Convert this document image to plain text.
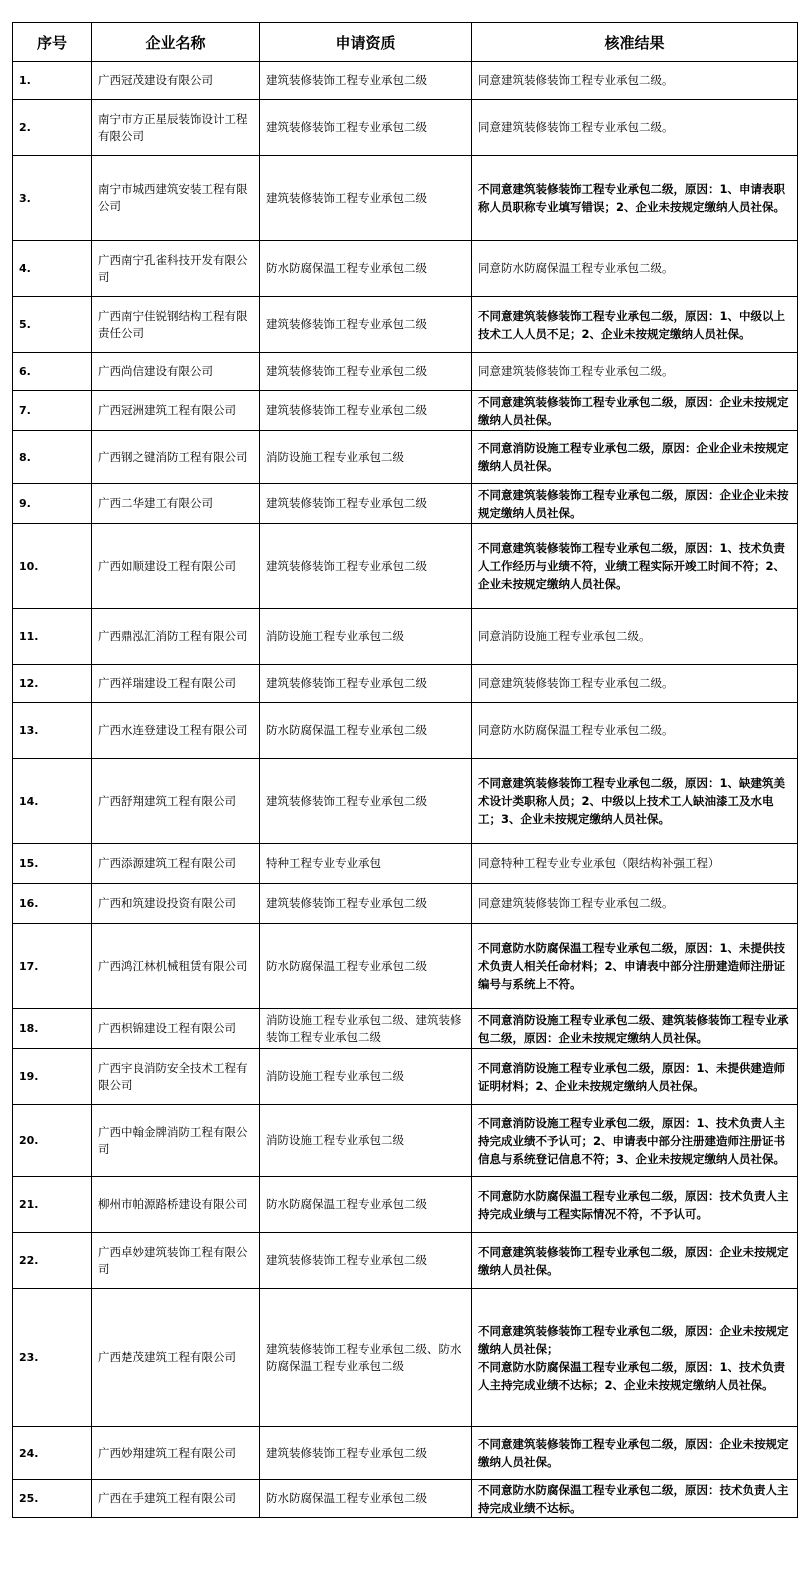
序号	企业名称	申请资质	核准结果
1.	广西冠茂建设有限公司	建筑装修装饰工程专业承包二级	同意建筑装修装饰工程专业承包二级。
2.	南宁市方正星辰装饰设计工程有限公司	建筑装修装饰工程专业承包二级	同意建筑装修装饰工程专业承包二级。
3.	南宁市城西建筑安装工程有限公司	建筑装修装饰工程专业承包二级	不同意建筑装修装饰工程专业承包二级，原因：1、申请表职称人员职称专业填写错误；2、企业未按规定缴纳人员社保。
4.	广西南宁孔雀科技开发有限公司	防水防腐保温工程专业承包二级	同意防水防腐保温工程专业承包二级。
5.	广西南宁佳锐钢结构工程有限责任公司	建筑装修装饰工程专业承包二级	不同意建筑装修装饰工程专业承包二级，原因：1、中级以上技术工人人员不足；2、企业未按规定缴纳人员社保。
6.	广西尚信建设有限公司	建筑装修装饰工程专业承包二级	同意建筑装修装饰工程专业承包二级。
7.	广西冠洲建筑工程有限公司	建筑装修装饰工程专业承包二级	不同意建筑装修装饰工程专业承包二级，原因：企业未按规定缴纳人员社保。
8.	广西钢之键消防工程有限公司	消防设施工程专业承包二级	不同意消防设施工程专业承包二级，原因：企业企业未按规定缴纳人员社保。
9.	广西二华建工有限公司	建筑装修装饰工程专业承包二级	不同意建筑装修装饰工程专业承包二级，原因：企业企业未按规定缴纳人员社保。
10.	广西如顺建设工程有限公司	建筑装修装饰工程专业承包二级	不同意建筑装修装饰工程专业承包二级，原因：1、技术负责人工作经历与业绩不符，业绩工程实际开竣工时间不符；2、企业未按规定缴纳人员社保。
11.	广西鼎泓汇消防工程有限公司	消防设施工程专业承包二级	同意消防设施工程专业承包二级。
12.	广西祥瑞建设工程有限公司	建筑装修装饰工程专业承包二级	同意建筑装修装饰工程专业承包二级。
13.	广西水连登建设工程有限公司	防水防腐保温工程专业承包二级	同意防水防腐保温工程专业承包二级。
14.	广西舒翔建筑工程有限公司	建筑装修装饰工程专业承包二级	不同意建筑装修装饰工程专业承包二级，原因：1、缺建筑美术设计类职称人员；2、中级以上技术工人缺油漆工及水电工；3、企业未按规定缴纳人员社保。
15.	广西添源建筑工程有限公司	特种工程专业专业承包	同意特种工程专业专业承包（限结构补强工程）
16.	广西和筑建设投资有限公司	建筑装修装饰工程专业承包二级	同意建筑装修装饰工程专业承包二级。
17.	广西鸿江林机械租赁有限公司	防水防腐保温工程专业承包二级	不同意防水防腐保温工程专业承包二级，原因：1、未提供技术负责人相关任命材料；2、申请表中部分注册建造师注册证编号与系统上不符。
18.	广西枳锦建设工程有限公司	消防设施工程专业承包二级、建筑装修装饰工程专业承包二级	不同意消防设施工程专业承包二级、建筑装修装饰工程专业承包二级，原因：企业未按规定缴纳人员社保。
19.	广西宇良消防安全技术工程有限公司	消防设施工程专业承包二级	不同意消防设施工程专业承包二级，原因：1、未提供建造师证明材料；2、企业未按规定缴纳人员社保。
20.	广西中翰金牌消防工程有限公司	消防设施工程专业承包二级	不同意消防设施工程专业承包二级，原因：1、技术负责人主持完成业绩不予认可；2、申请表中部分注册建造师注册证书信息与系统登记信息不符；3、企业未按规定缴纳人员社保。
21.	柳州市帕源路桥建设有限公司	防水防腐保温工程专业承包二级	不同意防水防腐保温工程专业承包二级，原因：技术负责人主持完成业绩与工程实际情况不符，不予认可。
22.	广西卓妙建筑装饰工程有限公司	建筑装修装饰工程专业承包二级	不同意建筑装修装饰工程专业承包二级，原因：企业未按规定缴纳人员社保。
23.	广西楚茂建筑工程有限公司	建筑装修装饰工程专业承包二级、防水防腐保温工程专业承包二级	不同意建筑装修装饰工程专业承包二级，原因：企业未按规定缴纳人员社保；
不同意防水防腐保温工程专业承包二级，原因：1、技术负责人主持完成业绩不达标；2、企业未按规定缴纳人员社保。
24.	广西妙翔建筑工程有限公司	建筑装修装饰工程专业承包二级	不同意建筑装修装饰工程专业承包二级，原因：企业未按规定缴纳人员社保。
25.	广西在手建筑工程有限公司	防水防腐保温工程专业承包二级	不同意防水防腐保温工程专业承包二级，原因：技术负责人主持完成业绩不达标。
